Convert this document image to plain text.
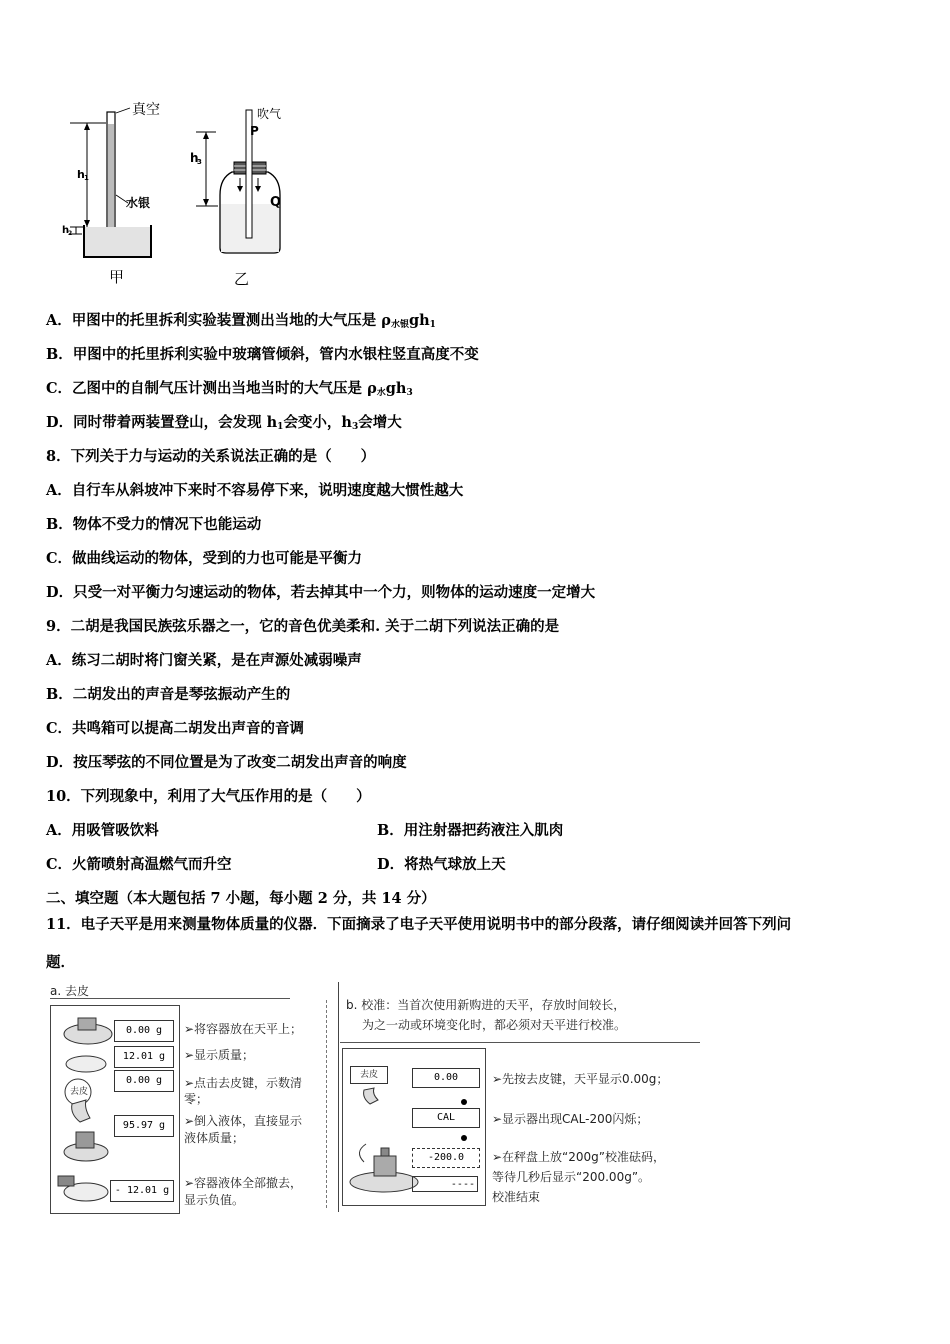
真空
水银
h 1
h
2
甲
吹气
P
Q
h
3
乙
A．甲图中的托里拆利实验装置测出当地的大气压是 $\rho_{水银}gh_1$
B．甲图中的托里拆利实验中玻璃管倾斜，管内水银柱竖直高度不变
C．乙图中的自制气压计测出当地当时的大气压是 $\rho_水gh_3$
D．同时带着两装置登山，会发现 $h_1$会变小，$h_3$会增大
8．下列关于力与运动的关系说法正确的是（　　）
A．自行车从斜坡冲下来时不容易停下来，说明速度越大惯性越大
B．物体不受力的情况下也能运动
C．做曲线运动的物体，受到的力也可能是平衡力
D．只受一对平衡力匀速运动的物体，若去掉其中一个力，则物体的运动速度一定增大
9．二胡是我国民族弦乐器之一，它的音色优美柔和. 关于二胡下列说法正确的是
A．练习二胡时将门窗关紧，是在声源处减弱噪声
B．二胡发出的声音是琴弦振动产生的
C．共鸣箱可以提高二胡发出声音的音调
D．按压琴弦的不同位置是为了改变二胡发出声音的响度
10．下列现象中，利用了大气压作用的是（　　）
A．用吸管吸饮料	B．用注射器把药液注入肌肉
C．火箭喷射高温燃气而升空	D．将热气球放上天
二、填空题（本大题包括 7 小题，每小题 2 分，共 14 分）
11．电子天平是用来测量物体质量的仪器．下面摘录了电子天平使用说明书中的部分段落，请仔细阅读并回答下列问
题．
a. 去皮
去皮
0.00 g
12.01 g
0.00 g
95.97 g
- 12.01 g
➢将容器放在天平上；
➢显示质量；
➢点击去皮键，示数清
零；
➢倒入液体，直接显示
液体质量；
➢容器液体全部撤去，
显示负值。
b. 校准：当首次使用新购进的天平，存放时间较长，
为之一动或环境变化时，都必须对天平进行校准。
去皮	0.00
CAL
-200.0
----
➢先按去皮键，天平显示0.00g；
➢显示器出现CAL-200闪烁；
➢在秤盘上放“200g”校准砝码，
等待几秒后显示“200.00g”。
校准结束
